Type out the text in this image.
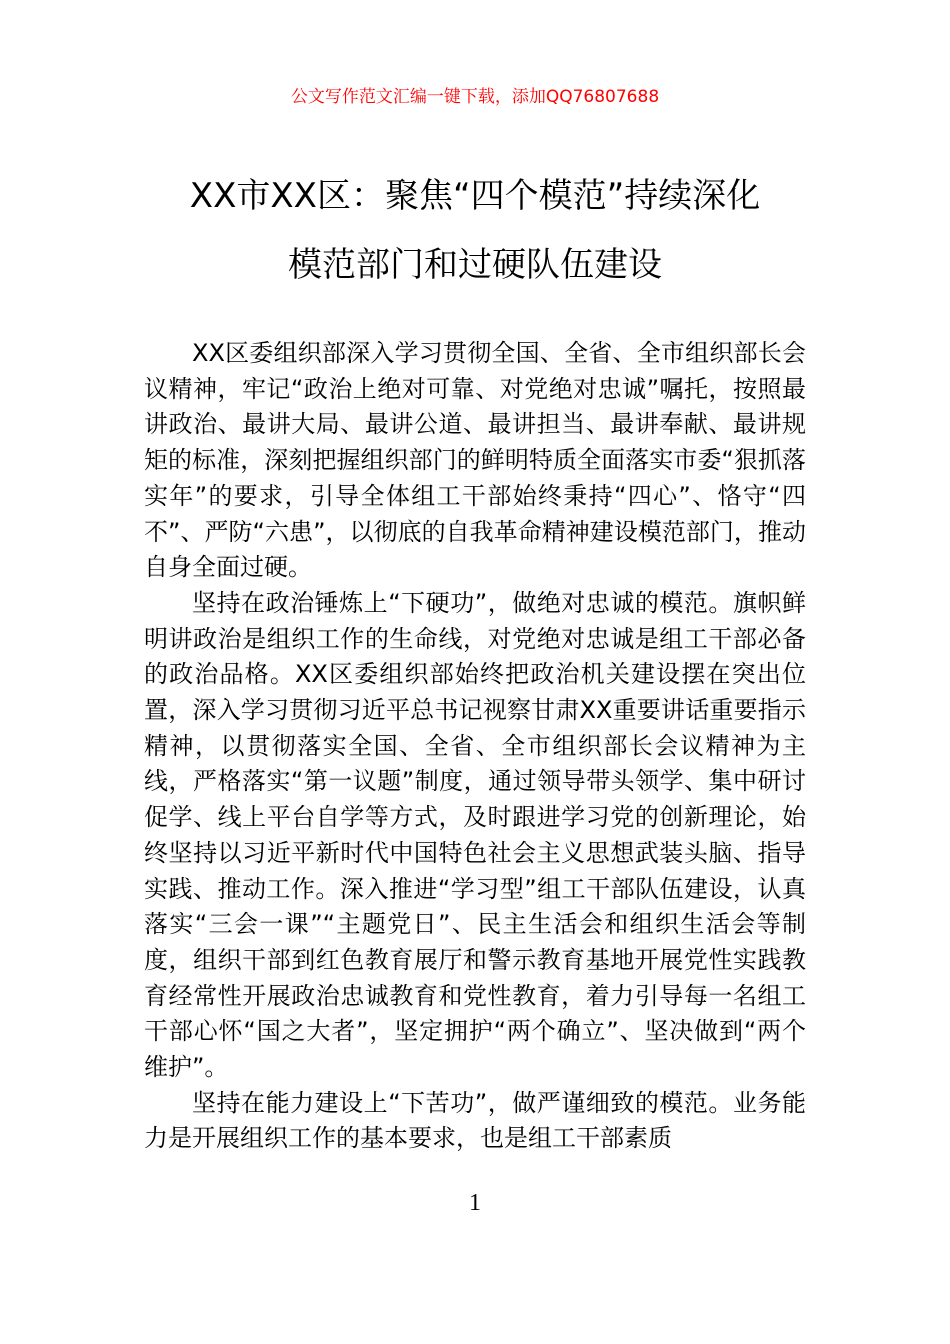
公文写作范文汇编一键下载，添加QQ76807688
XX市XX区：聚焦“四个模范”持续深化
模范部门和过硬队伍建设

XX区委组织部深入学习贯彻全国、全省、全市组织部长会议精神，牢记“政治上绝对可靠、对党绝对忠诚”嘱托，按照最讲政治、最讲大局、最讲公道、最讲担当、最讲奉献、最讲规矩的标准，深刻把握组织部门的鲜明特质全面落实市委“狠抓落实年”的要求，引导全体组工干部始终秉持“四心”、恪守“四不”、严防“六患”，以彻底的自我革命精神建设模范部门，推动自身全面过硬。

坚持在政治锤炼上“下硬功”，做绝对忠诚的模范。旗帜鲜明讲政治是组织工作的生命线，对党绝对忠诚是组工干部必备的政治品格。XX区委组织部始终把政治机关建设摆在突出位置，深入学习贯彻习近平总书记视察甘肃XX重要讲话重要指示精神，以贯彻落实全国、全省、全市组织部长会议精神为主线，严格落实“第一议题”制度，通过领导带头领学、集中研讨促学、线上平台自学等方式，及时跟进学习党的创新理论，始终坚持以习近平新时代中国特色社会主义思想武装头脑、指导实践、推动工作。深入推进“学习型”组工干部队伍建设，认真落实“三会一课”“主题党日”、民主生活会和组织生活会等制度，组织干部到红色教育展厅和警示教育基地开展党性实践教育经常性开展政治忠诚教育和党性教育，着力引导每一名组工干部心怀“国之大者”，坚定拥护“两个确立”、坚决做到“两个维护”。

坚持在能力建设上“下苦功”，做严谨细致的模范。业务能力是开展组织工作的基本要求，也是组工干部素质

1
